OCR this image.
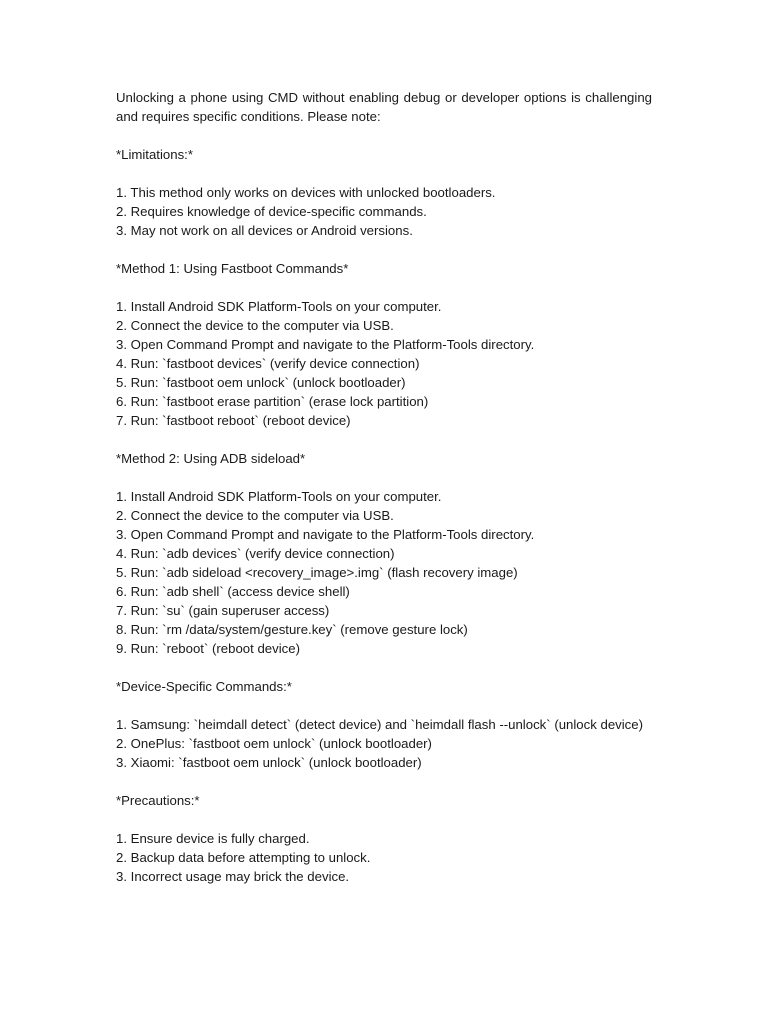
Unlocking a phone using CMD without enabling debug or developer options is challenging and requires specific conditions. Please note:

*Limitations:*

1. This method only works on devices with unlocked bootloaders.
2. Requires knowledge of device-specific commands.
3. May not work on all devices or Android versions.

*Method 1: Using Fastboot Commands*

1. Install Android SDK Platform-Tools on your computer.
2. Connect the device to the computer via USB.
3. Open Command Prompt and navigate to the Platform-Tools directory.
4. Run: `fastboot devices` (verify device connection)
5. Run: `fastboot oem unlock` (unlock bootloader)
6. Run: `fastboot erase partition` (erase lock partition)
7. Run: `fastboot reboot` (reboot device)

*Method 2: Using ADB sideload*

1. Install Android SDK Platform-Tools on your computer.
2. Connect the device to the computer via USB.
3. Open Command Prompt and navigate to the Platform-Tools directory.
4. Run: `adb devices` (verify device connection)
5. Run: `adb sideload <recovery_image>.img` (flash recovery image)
6. Run: `adb shell` (access device shell)
7. Run: `su` (gain superuser access)
8. Run: `rm /data/system/gesture.key` (remove gesture lock)
9. Run: `reboot` (reboot device)

*Device-Specific Commands:*

1. Samsung: `heimdall detect` (detect device) and `heimdall flash --unlock` (unlock device)
2. OnePlus: `fastboot oem unlock` (unlock bootloader)
3. Xiaomi: `fastboot oem unlock` (unlock bootloader)

*Precautions:*

1. Ensure device is fully charged.
2. Backup data before attempting to unlock.
3. Incorrect usage may brick the device.
